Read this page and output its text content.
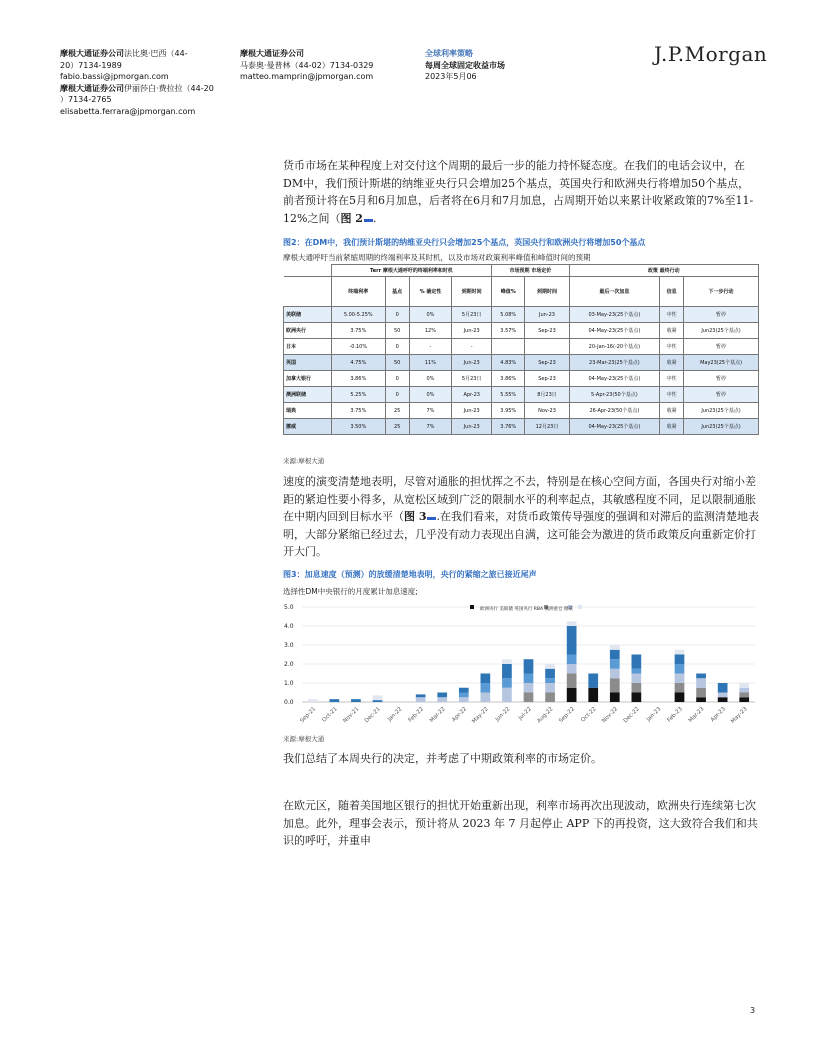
摩根大通证券公司法比奥·巴西（44-
20）7134-1989
fabio.bassi@jpmorgan.com
摩根大通证券公司伊丽莎白·费拉拉（44-20
）7134-2765
elisabetta.ferrara@jpmorgan.com
摩根大通证券公司
马泰奥·曼普林（44-02）7134-0329
matteo.mamprin@jpmorgan.com
全球利率策略
每周全球固定收益市场
2023年5月06
J.P.Morgan
货币市场在某种程度上对交付这个周期的最后一步的能力持怀疑态度。在我们的电话会议中，在DM中，我们预计斯堪的纳维亚央行只会增加25个基点，英国央行和欧洲央行将增加50个基点，前者预计将在5月和6月加息，后者将在6月和7月加息，占周期开始以来累计收紧政策的7%至11-12%之间（图 2 .
图2：在DM中，我们预计斯堪的纳维亚央行只会增加25个基点，英国央行和欧洲央行将增加50个基点
摩根大通呼吁当前紧缩周期的终端利率及其时机，以及市场对政策利率峰值和峰值时间的预期
	Terr 摩根大通呼吁的终端利率和时机				市场预期 市场定价		政策 最终行动		
	终端利率	基点	% 确定性	到期时间	峰值%	到期时间	最后一次加息	信息	下一步行动
美联储	5.00-5.25%	0	0%	5月23日	5.08%	Jun-23	03-May-23(25个基点)	中性	暂停
欧洲央行	3.75%	50	12%	Jun-23	3.57%	Sep-23	04-May-23(25个基点)	收紧	Jun23(25个基点)
日本	-0.10%	0	-	-			20-Jan-16(-20个基点)	中性	暂停
英国	4.75%	50	11%	Jun-23	4.83%	Sep-23	23-Mar-23(25个基点)	收紧	May23(25个基点)
加拿大银行	3.86%	0	0%	5月23日	3.86%	Sep-23	04-May-23(25个基点)	中性	暂停
澳洲联储	5.25%	0	0%	Apr-23	5.55%	8月23日	5-Apr-23(50个基点)	中性	暂停
瑞典	3.75%	25	7%	Jun-23	3.95%	Nov-23	26-Apr-23(50个基点)	收紧	Jun23(25个基点)
挪威	3.50%	25	7%	Jun-23	3.76%	12月23日	04-May-23(25个基点)	收紧	Jun23(25个基点)
来源:摩根大通
速度的演变清楚地表明，尽管对通胀的担忧挥之不去，特别是在核心空间方面，各国央行对缩小差距的紧迫性要小得多，从宽松区域到广泛的限制水平的利率起点，其敏感程度不同，足以限制通胀在中期内回到目标水平（图 3 .在我们看来，对货币政策传导强度的强调和对滞后的监测清楚地表明，大部分紧缩已经过去，几乎没有动力表现出自满，这可能会为激进的货币政策反向重新定价打开大门。
图3：加息速度（预测）的放缓清楚地表明，央行的紧缩之旅已接近尾声
选择性DM中央银行的月度累计加息速度;
0.0
1.0
2.0
3.0
4.0
5.0
Sep-21 Oct-21 Nov-21 Dec-21 Jan-22 Feb-22 Mar-22 Apr-22 May-22 Jun-22 Jul-22 Aug-22 Sep-22 Oct-22 Nov-22 Dec-22 Jan-23 Feb-23 Mar-23 Apr-23 May-23
欧洲央行 美联储 英国央行 RBA 澳洲重仓 挪威
来源:摩根大通
我们总结了本周央行的决定，并考虑了中期政策利率的市场定价。
在欧元区，随着美国地区银行的担忧开始重新出现，利率市场再次出现波动，欧洲央行连续第七次加息。此外，理事会表示，预计将从 2023 年 7 月起停止 APP 下的再投资，这大致符合我们和共识的呼吁，并重申
3
